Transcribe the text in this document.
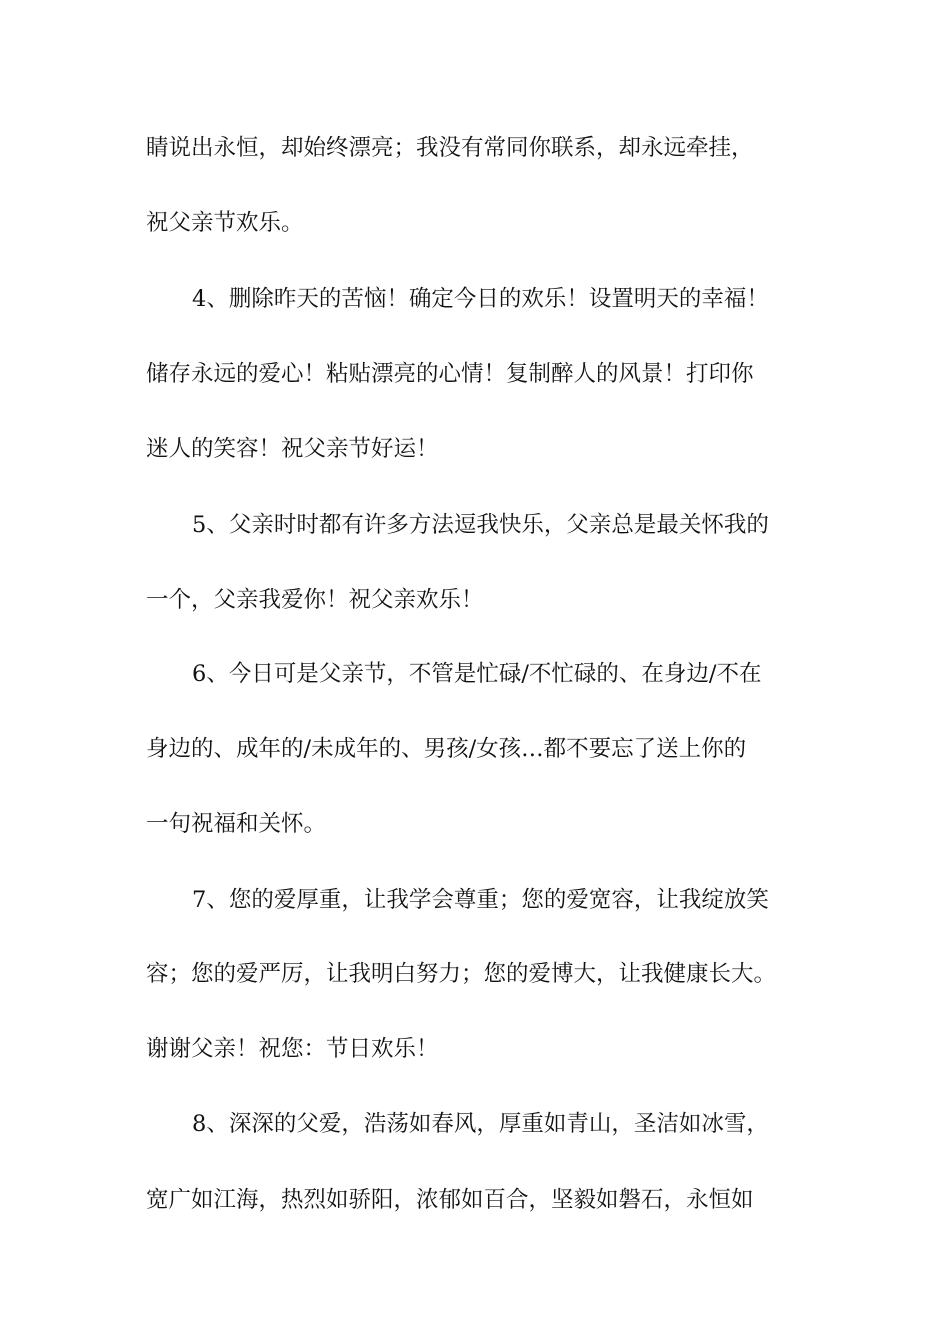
睛说出永恒，却始终漂亮；我没有常同你联系，却永远牵挂，
祝父亲节欢乐。
4、删除昨天的苦恼！确定今日的欢乐！设置明天的幸福！
储存永远的爱心！粘贴漂亮的心情！复制醉人的风景！打印你
迷人的笑容！祝父亲节好运！
5、父亲时时都有许多方法逗我快乐，父亲总是最关怀我的
一个，父亲我爱你！祝父亲欢乐！
6、今日可是父亲节，不管是忙碌/不忙碌的、在身边/不在
身边的、成年的/未成年的、男孩/女孩…都不要忘了送上你的
一句祝福和关怀。
7、您的爱厚重，让我学会尊重；您的爱宽容，让我绽放笑
容；您的爱严厉，让我明白努力；您的爱博大，让我健康长大。
谢谢父亲！祝您：节日欢乐！
8、深深的父爱，浩荡如春风，厚重如青山，圣洁如冰雪，
宽广如江海，热烈如骄阳，浓郁如百合，坚毅如磐石，永恒如
